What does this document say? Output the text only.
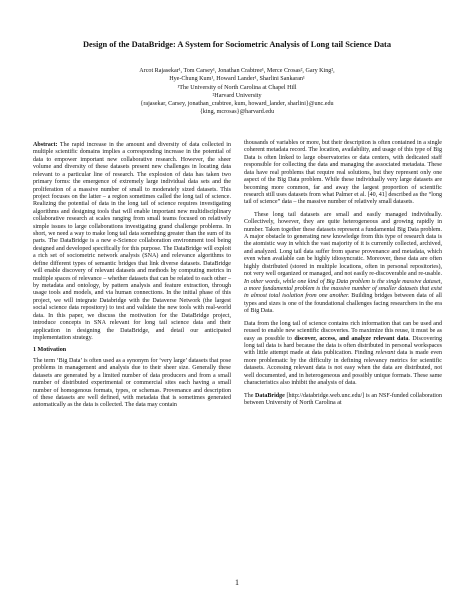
Design of the DataBridge: A System for Sociometric Analysis of Long tail Science Data
Arcot Rajasekar¹, Tom Carsey¹, Jonathan Crabtree¹, Merce Crosas², Gary King²,
Hye-Chung Kum¹, Howard Lander¹, Sharlini Sankaran¹
¹The University of North Carolina at Chapel Hill
²Harvard University
{rajasekar, Carsey, jonathan_crabtree, kum, howard_lander, sharlini}@unc.edu
{king, mcrosas}@harvard.edu

Abstract: The rapid increase in the amount and diversity of data collected in multiple scientific domains implies a corresponding increase in the potential of data to empower important new collaborative research. However, the sheer volume and diversity of these datasets present new challenges in locating data relevant to a particular line of research. The explosion of data has taken two primary forms: the emergence of extremely large individual data sets and the proliferation of a massive number of small to moderately sized datasets. This project focuses on the latter – a region sometimes called the long tail of science. Realizing the potential of data in the long tail of science requires investigating algorithms and designing tools that will enable important new multidisciplinary collaborative research at scales ranging from small teams focused on relatively simple issues to large collaborations investigating grand challenge problems. In short, we need a way to make long tail data something greater than the sum of its parts. The DataBridge is a new e-Science collaboration environment tool being designed and developed specifically for this purpose. The DataBridge will exploit a rich set of sociometric network analysis (SNA) and relevance algorithms to define different types of semantic bridges that link diverse datasets. DataBridge will enable discovery of relevant datasets and methods by computing metrics in multiple spaces of relevance – whether datasets that can be related to each other – by metadata and ontology, by pattern analysis and feature extraction, through usage tools and models, and via human connections. In the initial phase of this project, we will integrate Databridge with the Dataverse Network (the largest social science data repository) to test and validate the new tools with real-world data. In this paper, we discuss the motivation for the DataBridge project, introduce concepts in SNA relevant for long tail science data and their application in designing the DataBridge, and detail our anticipated implementation strategy.

1 Motivation

The term ‘Big Data’ is often used as a synonym for ‘very large’ datasets that pose problems in management and analysis due to their sheer size. Generally these datasets are generated by a limited number of data producers and from a small number of distributed experimental or commercial sites each having a small number of homogenous formats, types, or schemas. Provenance and description of these datasets are well defined, with metadata that is sometimes generated automatically as the data is collected. The data may contain

thousands of variables or more, but their description is often contained in a single coherent metadata record. The location, availability, and usage of this type of Big Data is often linked to large observatories or data centers, with dedicated staff responsible for collecting the data and managing the associated metadata. These data have real problems that require real solutions, but they represent only one aspect of the Big Data problem. While these individually very large datasets are becoming more common, far and away the largest proportion of scientific research still uses datasets from what Palmer et al. [40, 41] described as the “long tail of science” data – the massive number of relatively small datasets.

These long tail datasets are small and easily managed individually. Collectively, however, they are quite heterogeneous and growing rapidly in number. Taken together these datasets represent a fundamental Big Data problem. A major obstacle to generating new knowledge from this type of research data is the atomistic way in which the vast majority of it is currently collected, archived, and analyzed. Long tail data suffer from sparse provenance and metadata, which even when available can be highly idiosyncratic. Moreover, these data are often highly distributed (stored in multiple locations, often in personal repositories), not very well organized or managed, and not easily re-discoverable and re-usable. In other words, while one kind of Big Data problem is the single massive dataset, a more fundamental problem is the massive number of smaller datasets that exist in almost total isolation from one another. Building bridges between data of all types and sizes is one of the foundational challenges facing researchers in the era of Big Data.

Data from the long tail of science contains rich information that can be used and reused to enable new scientific discoveries. To maximize this reuse, it must be as easy as possible to discover, access, and analyze relevant data. Discovering long tail data is hard because the data is often distributed in personal workspaces with little attempt made at data publication. Finding relevant data is made even more problematic by the difficulty in defining relevancy metrics for scientific datasets. Accessing relevant data is not easy when the data are distributed, not well documented, and in heterogeneous and possibly unique formats. These same characteristics also inhibit the analysis of data.

The DataBridge [http://databridge.web.unc.edu/] is an NSF-funded collaboration between University of North Carolina at

1
